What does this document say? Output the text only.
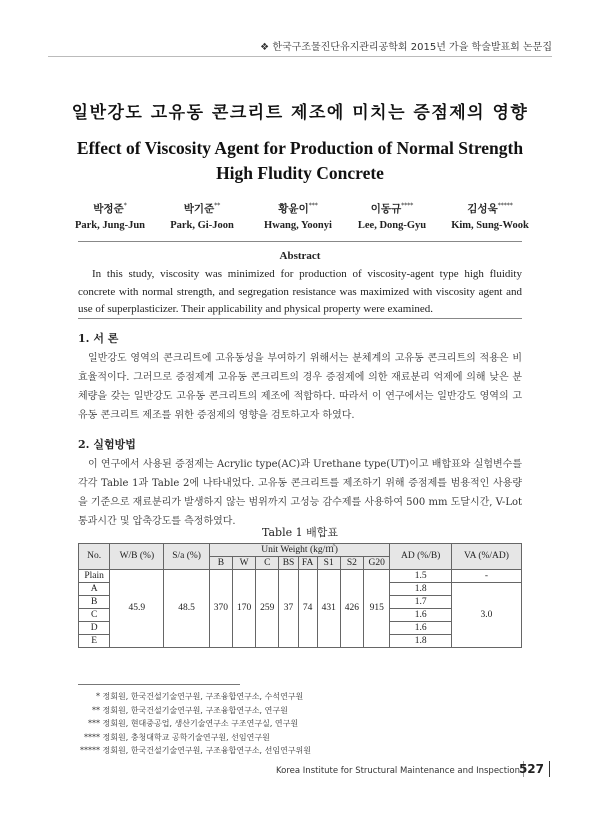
❖ 한국구조물진단유지관리공학회 2015년 가을 학술발표회 논문집
일반강도 고유동 콘크리트 제조에 미치는 증점제의 영향
Effect of Viscosity Agent for Production of Normal Strength
High Fludity Concrete
박정준*
Park, Jung-Jun
박기준**
Park, Gi-Joon
황윤이***
Hwang, Yoonyi
이동규****
Lee, Dong-Gyu
김성욱*****
Kim, Sung-Wook
Abstract
In this study, viscosity was minimized for production of viscosity-agent type high fluidity concrete with normal strength, and segregation resistance was maximized with viscosity agent and use of superplasticizer. Their applicability and physical property were examined.
1. 서 론
일반강도 영역의 콘크리트에 고유동성을 부여하기 위해서는 분체계의 고유동 콘크리트의 적용은 비효율적이다. 그러므로 증점제계 고유동 콘크리트의 경우 증점제에 의한 재료분리 억제에 의해 낮은 분체량을 갖는 일반강도 고유동 콘크리트의 제조에 적합하다. 따라서 이 연구에서는 일반강도 영역의 고유동 콘크리트 제조를 위한 증점제의 영향을 검토하고자 하였다.
2. 실험방법
이 연구에서 사용된 증점제는 Acrylic type(AC)과 Urethane type(UT)이고 배합표와 실험변수를 각각 Table 1과 Table 2에 나타내었다. 고유동 콘크리트를 제조하기 위해 증점제를 범용적인 사용량을 기준으로 재료분리가 발생하지 않는 범위까지 고성능 감수제를 사용하여 500 mm 도달시간, V-Lot 통과시간 및 압축강도를 측정하였다.
Table 1 배합표
No.	W/B (%)	S/a (%)	Unit Weight (kg/㎥)								AD (%/B)	VA (%/AD)
			B	W	C	BS	FA	S1	S2	G20		
Plain	45.9	48.5	370	170	259	37	74	431	426	915	1.5	-
A											1.8	3.0
B											1.7	
C											1.6	
D											1.6	
E											1.8	
* 정회원, 한국건설기술연구원, 구조융합연구소, 수석연구원
** 정회원, 한국건설기술연구원, 구조융합연구소, 연구원
*** 정회원, 현대중공업, 생산기술연구소 구조연구실, 연구원
**** 정회원, 충청대학교 공학기술연구원, 선임연구원
***** 정회원, 한국건설기술연구원, 구조융합연구소, 선임연구위원
Korea Institute for Structural Maintenance and Inspection
527
